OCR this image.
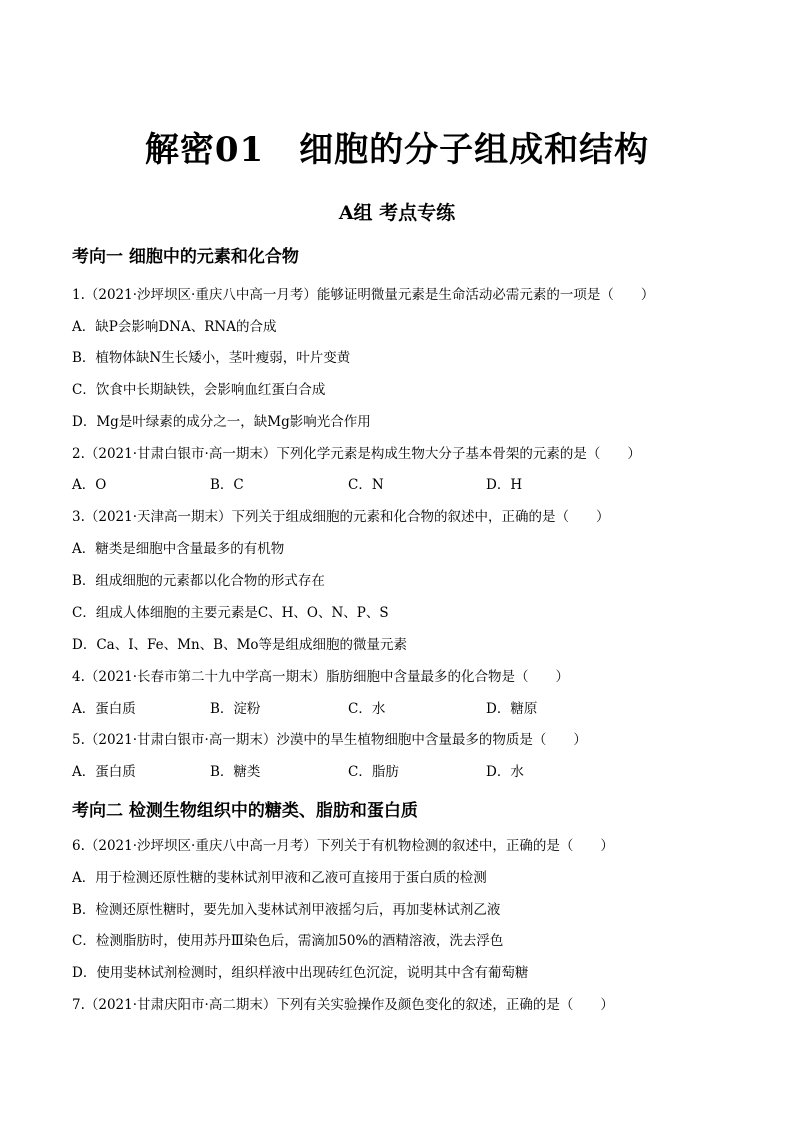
解密01　细胞的分子组成和结构
A组 考点专练
考向一 细胞中的元素和化合物
1.（2021·沙坪坝区·重庆八中高一月考）能够证明微量元素是生命活动必需元素的一项是（　　）
A．缺P会影响DNA、RNA的合成
B．植物体缺N生长矮小，茎叶瘦弱，叶片变黄
C．饮食中长期缺铁，会影响血红蛋白合成
D．Mg是叶绿素的成分之一，缺Mg影响光合作用
2.（2021·甘肃白银市·高一期末）下列化学元素是构成生物大分子基本骨架的元素的是（　　）
A．O	B．C	C．N	D．H
3.（2021·天津高一期末）下列关于组成细胞的元素和化合物的叙述中，正确的是（　　）
A．糖类是细胞中含量最多的有机物
B．组成细胞的元素都以化合物的形式存在
C．组成人体细胞的主要元素是C、H、O、N、P、S
D．Ca、I、Fe、Mn、B、Mo等是组成细胞的微量元素
4.（2021·长春市第二十九中学高一期末）脂肪细胞中含量最多的化合物是（　　）
A．蛋白质	B．淀粉	C．水	D．糖原
5.（2021·甘肃白银市·高一期末）沙漠中的旱生植物细胞中含量最多的物质是（　　）
A．蛋白质	B．糖类	C．脂肪	D．水
考向二 检测生物组织中的糖类、脂肪和蛋白质
6.（2021·沙坪坝区·重庆八中高一月考）下列关于有机物检测的叙述中，正确的是（　　）
A．用于检测还原性糖的斐林试剂甲液和乙液可直接用于蛋白质的检测
B．检测还原性糖时，要先加入斐林试剂甲液摇匀后，再加斐林试剂乙液
C．检测脂肪时，使用苏丹Ⅲ染色后，需滴加50%的酒精溶液，洗去浮色
D．使用斐林试剂检测时，组织样液中出现砖红色沉淀，说明其中含有葡萄糖
7.（2021·甘肃庆阳市·高二期末）下列有关实验操作及颜色变化的叙述，正确的是（　　）
